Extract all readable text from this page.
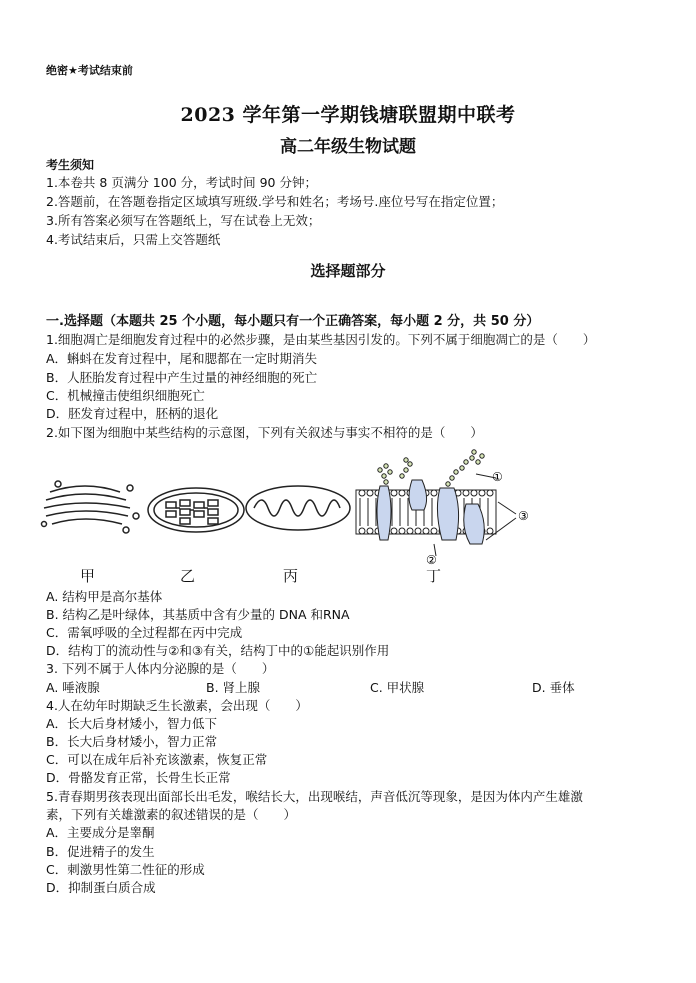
绝密★考试结束前
2023 学年第一学期钱塘联盟期中联考
高二年级生物试题
考生须知
1.本卷共 8 页满分 100 分，考试时间 90 分钟；
2.答题前，在答题卷指定区域填写班级.学号和姓名；考场号.座位号写在指定位置；
3.所有答案必须写在答题纸上，写在试卷上无效；
4.考试结束后，只需上交答题纸
选择题部分
一.选择题（本题共 25 个小题，每小题只有一个正确答案，每小题 2 分，共 50 分）
1.细胞凋亡是细胞发育过程中的必然步骤，是由某些基因引发的。下列不属于细胞凋亡的是（　　）
A．蝌蚪在发育过程中，尾和腮都在一定时期消失
B．人胚胎发育过程中产生过量的神经细胞的死亡
C．机械撞击使组织细胞死亡
D．胚发育过程中，胚柄的退化
2.如下图为细胞中某些结构的示意图，下列有关叙述与事实不相符的是（　　）
①
③
②
甲	乙	丙	丁
A. 结构甲是高尔基体
B. 结构乙是叶绿体，其基质中含有少量的 DNA 和RNA
C．需氧呼吸的全过程都在丙中完成
D．结构丁的流动性与②和③有关，结构丁中的①能起识别作用
3. 下列不属于人体内分泌腺的是（　　）
A. 唾液腺	B. 肾上腺	C. 甲状腺	D. 垂体
4.人在幼年时期缺乏生长激素，会出现（　　）
A．长大后身材矮小，智力低下
B．长大后身材矮小，智力正常
C．可以在成年后补充该激素，恢复正常
D．骨骼发育正常，长骨生长正常
5.青春期男孩表现出面部长出毛发，喉结长大，出现喉结，声音低沉等现象，是因为体内产生雄激
素，下列有关雄激素的叙述错误的是（　　）
A．主要成分是睾酮
B．促进精子的发生
C．刺激男性第二性征的形成
D．抑制蛋白质合成
